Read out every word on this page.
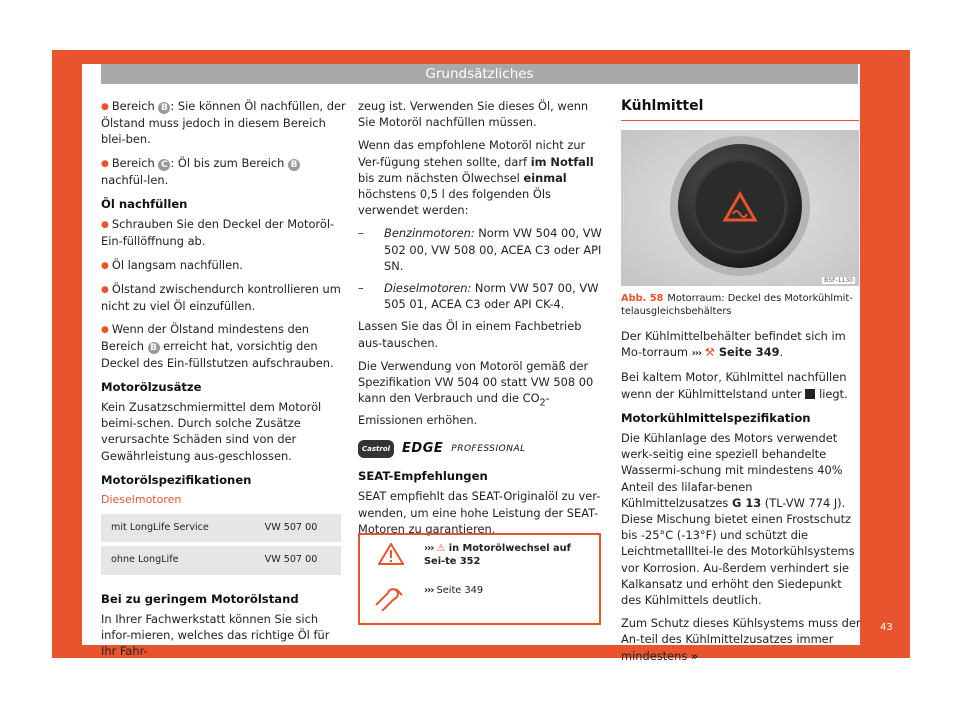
Grundsätzliches

● Bereich B : Sie können Öl nachfüllen, der Ölstand muss jedoch in diesem Bereich blei-ben.

● Bereich C : Öl bis zum Bereich B nachfül-len.

Öl nachfüllen

● Schrauben Sie den Deckel der Motoröl-Ein-füllöffnung ab.

● Öl langsam nachfüllen.

● Ölstand zwischendurch kontrollieren um nicht zu viel Öl einzufüllen.

● Wenn der Ölstand mindestens den Bereich B erreicht hat, vorsichtig den Deckel des Ein-füllstutzen aufschrauben.

Motorölzusätze

Kein Zusatzschmiermittel dem Motoröl beimi-schen. Durch solche Zusätze verursachte Schäden sind von der Gewährleistung aus-geschlossen.

Motorölspezifikationen
Dieselmotoren
mit LongLife Service	VW 507 00
ohne LongLife	VW 507 00
Bei zu geringem Motorölstand

In Ihrer Fachwerkstatt können Sie sich infor-mieren, welches das richtige Öl für Ihr Fahr-

zeug ist. Verwenden Sie dieses Öl, wenn Sie Motoröl nachfüllen müssen.

Wenn das empfohlene Motoröl nicht zur Ver-fügung stehen sollte, darf im Notfall bis zum nächsten Ölwechsel einmal höchstens 0,5 l des folgenden Öls verwendet werden:

–	Benzinmotoren: Norm VW 504 00, VW 502 00, VW 508 00, ACEA C3 oder API SN.
–	Dieselmotoren: Norm VW 507 00, VW 505 01, ACEA C3 oder API CK-4.

Lassen Sie das Öl in einem Fachbetrieb aus-tauschen.

Die Verwendung von Motoröl gemäß der Spezifikation VW 504 00 statt VW 508 00 kann den Verbrauch und die $CO_2$-Emissionen erhöhen.

Castrol EDGE PROFESSIONAL
SEAT-Empfehlungen

SEAT empfiehlt das SEAT-Originalöl zu ver-wenden, um eine hohe Leistung der SEAT-Motoren zu garantieren.

››› ⚠ in Motorölwechsel auf Sei-te 352
››› Seite 349
Kühlmittel
B5F-1130
Abb. 58 Motorraum: Deckel des Motorkühlmit-telausgleichsbehälters

Der Kühlmittelbehälter befindet sich im Mo-torraum ››› ⚒ Seite 349.

Bei kaltem Motor, Kühlmittel nachfüllen wenn der Kühlmittelstand unter  liegt.

Motorkühlmittelspezifikation

Die Kühlanlage des Motors verwendet werk-seitig eine speziell behandelte Wassermi-schung mit mindestens 40% Anteil des lilafar-benen Kühlmittelzusatzes G 13 (TL-VW 774 J). Diese Mischung bietet einen Frostschutz bis -25°C (-13°F) und schützt die Leichtmetallltei-le des Motorkühlsystems vor Korrosion. Au-ßerdem verhindert sie Kalkansatz und erhöht den Siedepunkt des Kühlmittels deutlich.

Zum Schutz dieses Kühlsystems muss der An-teil des Kühlmittelzusatzes immer mindestens »

43
